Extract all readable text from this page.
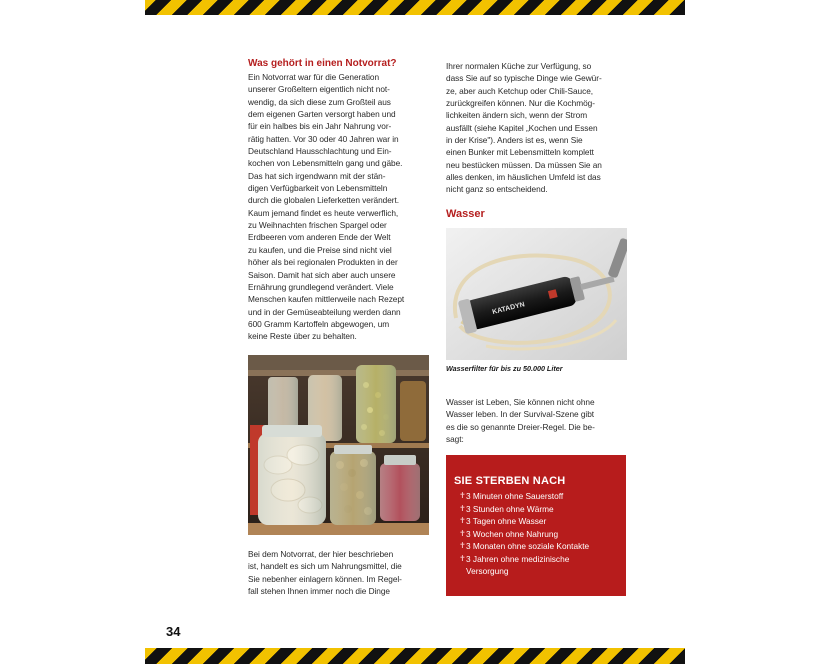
Was gehört in einen Notvorrat?
Ein Notvorrat war für die Generation
unserer Großeltern eigentlich nicht not-
wendig, da sich diese zum Großteil aus
dem eigenen Garten versorgt haben und
für ein halbes bis ein Jahr Nahrung vor-
rätig hatten. Vor 30 oder 40 Jahren war in
Deutschland Hausschlachtung und Ein-
kochen von Lebensmitteln gang und gäbe.
Das hat sich irgendwann mit der stän-
digen Verfügbarkeit von Lebensmitteln
durch die globalen Lieferketten verändert.
Kaum jemand findet es heute verwerflich,
zu Weihnachten frischen Spargel oder
Erdbeeren vom anderen Ende der Welt
zu kaufen, und die Preise sind nicht viel
höher als bei regionalen Produkten in der
Saison. Damit hat sich aber auch unsere
Ernährung grundlegend verändert. Viele
Menschen kaufen mittlerweile nach Rezept
und in der Gemüseabteilung werden dann
600 Gramm Kartoffeln abgewogen, um
keine Reste über zu behalten.
Bei dem Notvorrat, der hier beschrieben
ist, handelt es sich um Nahrungsmittel, die
Sie nebenher einlagern können. Im Regel-
fall stehen Ihnen immer noch die Dinge
Ihrer normalen Küche zur Verfügung, so
dass Sie auf so typische Dinge wie Gewür-
ze, aber auch Ketchup oder Chili-Sauce,
zurückgreifen können. Nur die Kochmög-
lichkeiten ändern sich, wenn der Strom
ausfällt (siehe Kapitel „Kochen und Essen
in der Krise"). Anders ist es, wenn Sie
einen Bunker mit Lebensmitteln komplett
neu bestücken müssen. Da müssen Sie an
alles denken, im häuslichen Umfeld ist das
nicht ganz so entscheidend.
Wasser
KATADYN
Wasserfilter für bis zu 50.000 Liter
Wasser ist Leben, Sie können nicht ohne
Wasser leben. In der Survival-Szene gibt
es die so genannte Dreier-Regel. Die be-
sagt:
SIE STERBEN NACH
✝ 3 Minuten ohne Sauerstoff
✝ 3 Stunden ohne Wärme
✝ 3 Tagen ohne Wasser
✝ 3 Wochen ohne Nahrung
✝ 3 Monaten ohne soziale Kontakte
✝ 3 Jahren ohne medizinische
Versorgung
34
